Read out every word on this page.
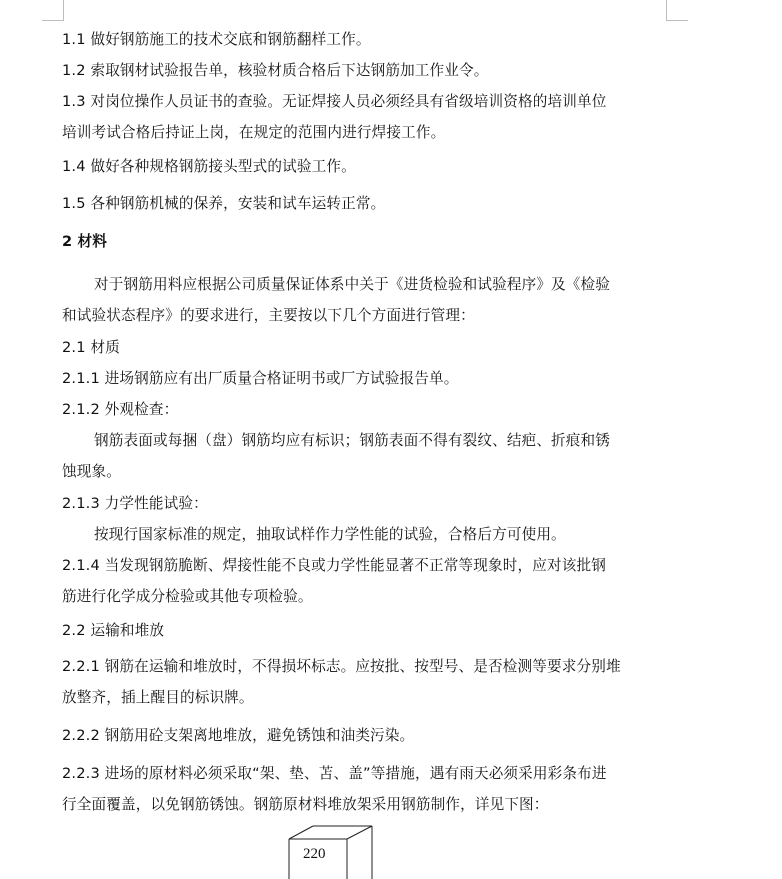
1.1 做好钢筋施工的技术交底和钢筋翻样工作。
1.2 索取钢材试验报告单，核验材质合格后下达钢筋加工作业令。
1.3 对岗位操作人员证书的查验。无证焊接人员必须经具有省级培训资格的培训单位
培训考试合格后持证上岗，在规定的范围内进行焊接工作。
1.4 做好各种规格钢筋接头型式的试验工作。
1.5 各种钢筋机械的保养，安装和试车运转正常。
2 材料
对于钢筋用料应根据公司质量保证体系中关于《进货检验和试验程序》及《检验
和试验状态程序》的要求进行，主要按以下几个方面进行管理：
2.1 材质
2.1.1 进场钢筋应有出厂质量合格证明书或厂方试验报告单。
2.1.2 外观检查：
钢筋表面或每捆（盘）钢筋均应有标识；钢筋表面不得有裂纹、结疤、折痕和锈
蚀现象。
2.1.3 力学性能试验：
按现行国家标准的规定，抽取试样作力学性能的试验，合格后方可使用。
2.1.4 当发现钢筋脆断、焊接性能不良或力学性能显著不正常等现象时，应对该批钢
筋进行化学成分检验或其他专项检验。
2.2 运输和堆放
2.2.1 钢筋在运输和堆放时，不得损坏标志。应按批、按型号、是否检测等要求分别堆
放整齐，插上醒目的标识牌。
2.2.2 钢筋用砼支架离地堆放，避免锈蚀和油类污染。
2.2.3 进场的原材料必须采取“架、垫、苫、盖”等措施，遇有雨天必须采用彩条布进
行全面覆盖，以免钢筋锈蚀。钢筋原材料堆放架采用钢筋制作，详见下图：
220
